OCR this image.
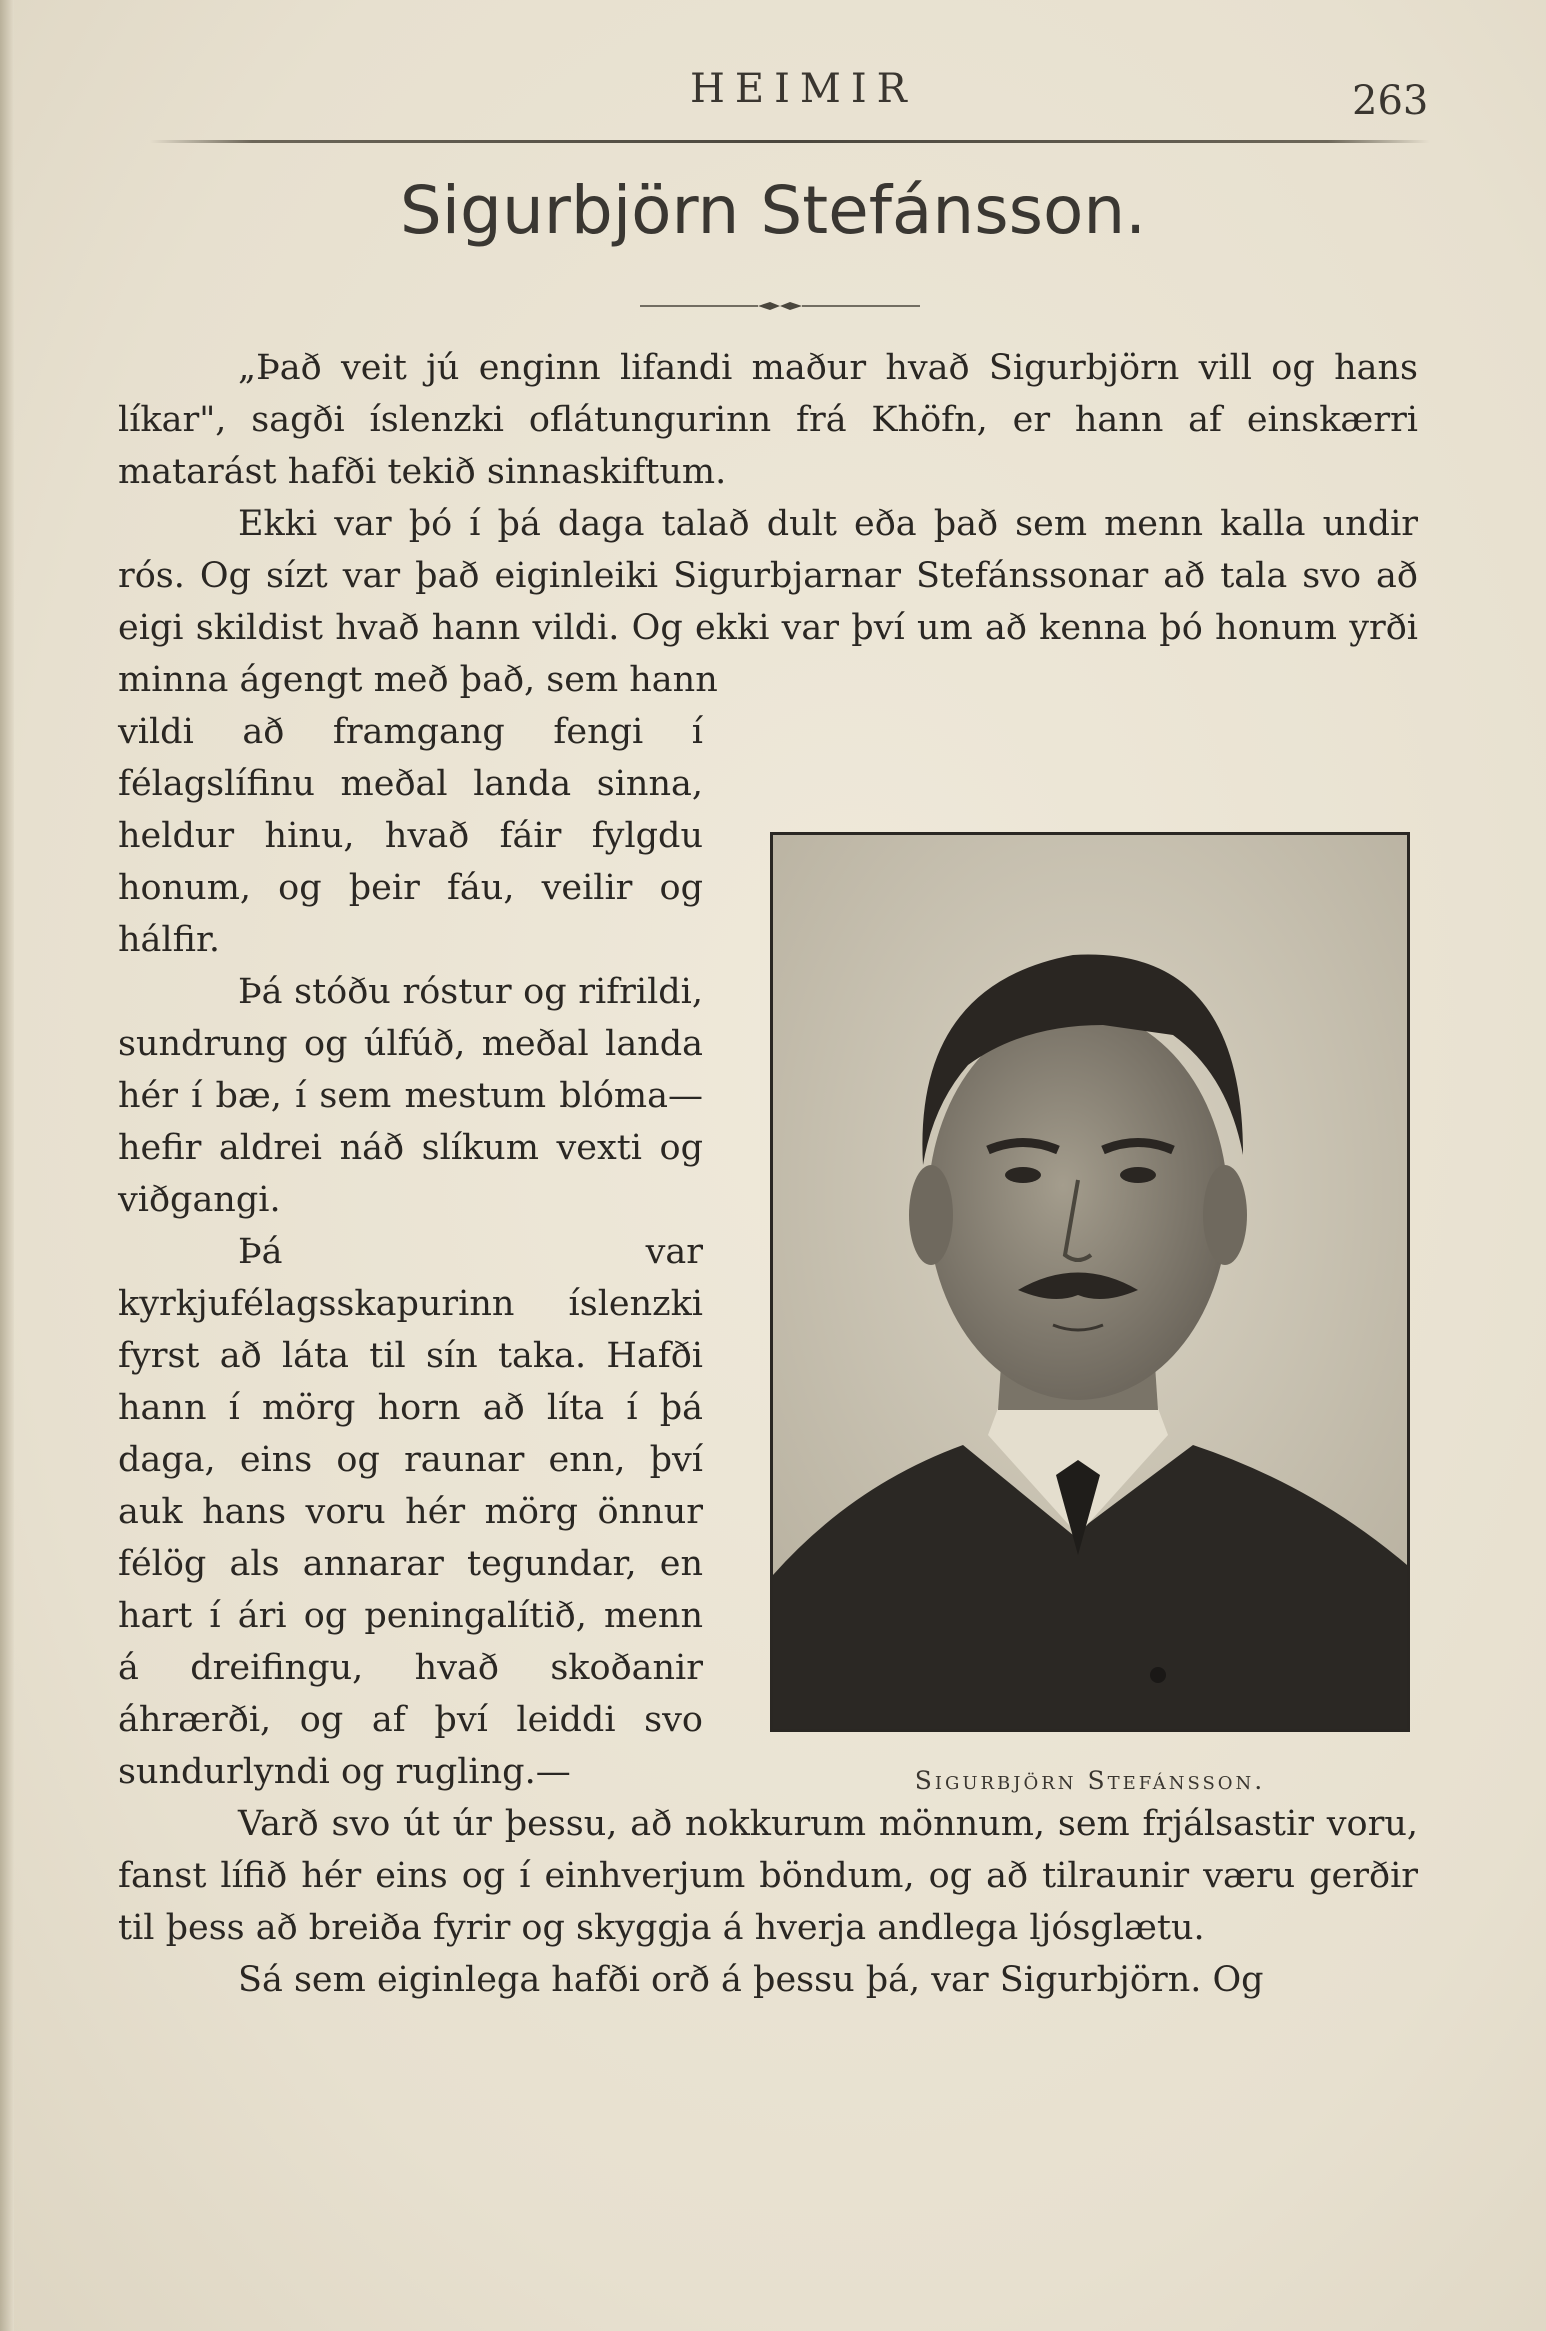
HEIMIR	263
Sigurbjörn Stefánsson.

„Það veit jú enginn lifandi maður hvað Sigurbjörn vill og hans líkar", sagði íslenzki oflátungurinn frá Khöfn, er hann af einskærri matarást hafði tekið sinnaskiftum.

Ekki var þó í þá daga talað dult eða það sem menn kalla undir rós. Og sízt var það eiginleiki Sigurbjarnar Stefánssonar að tala svo að eigi skildist hvað hann vildi. Og ekki var því um að kenna þó honum yrði minna ágengt með það, sem hann

vildi að framgang fengi í félagslífinu meðal landa sinna, heldur hinu, hvað fáir fylgdu honum, og þeir fáu, veilir og hálfir.

Þá stóðu róstur og rifrildi, sundrung og úlfúð, meðal landa hér í bæ, í sem mestum blóma—hefir aldrei náð slíkum vexti og viðgangi.

Þá var kyrkjufélagsskapurinn íslenzki fyrst að láta til sín taka. Hafði hann í mörg horn að líta í þá daga, eins og raunar enn, því auk hans voru hér mörg önnur félög als annarar tegundar, en hart í ári og peningalítið, menn á dreifingu, hvað skoðanir áhrærði, og af því leiddi svo sundurlyndi og rugling.—

Varð svo út úr þessu, að nokkurum mönnum, sem frjálsastir voru, fanst lífið hér eins og í einhverjum böndum, og að tilraunir væru gerðir til þess að breiða fyrir og skyggja á hverja andlega ljósglætu.

Sá sem eiginlega hafði orð á þessu þá, var Sigurbjörn. Og

Sigurbjörn Stefánsson.
